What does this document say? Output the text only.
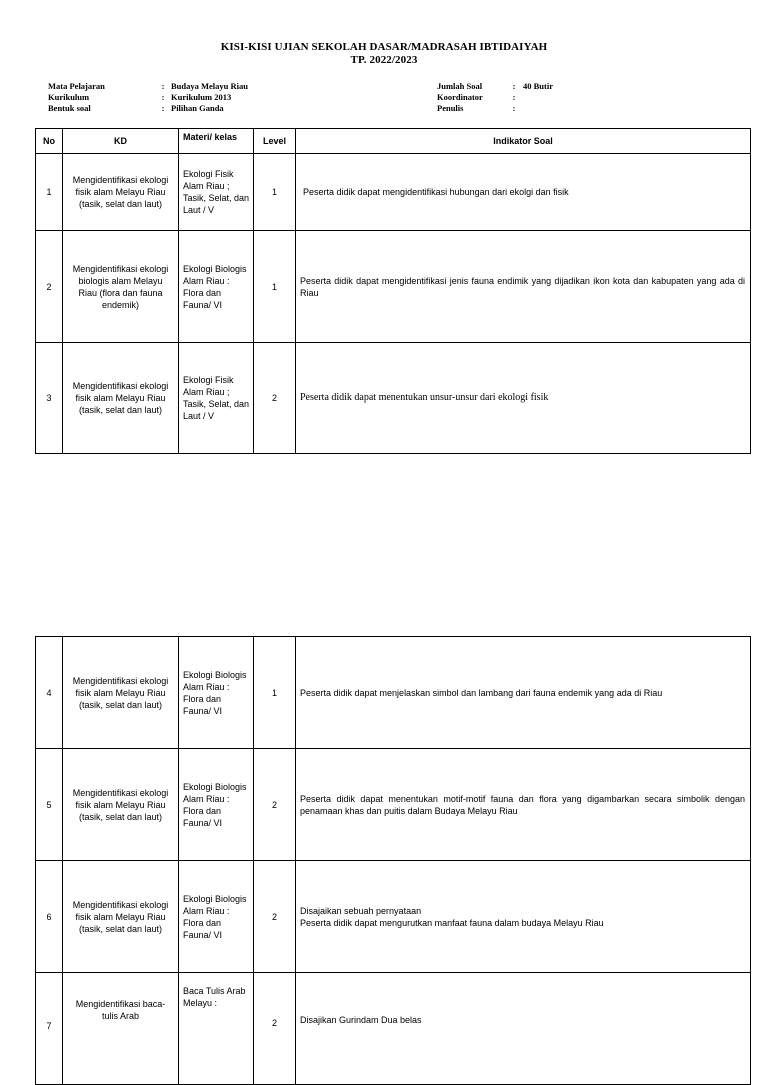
KISI-KISI UJIAN SEKOLAH DASAR/MADRASAH IBTIDAIYAH
TP. 2022/2023
Mata Pelajaran	: Budaya Melayu Riau
Kurikulum	: Kurikulum 2013
Bentuk soal	: Pilihan Ganda
Jumlah Soal	: 40 Butir
Koordinator	:
Penulis	:
No	KD	Materi/ kelas	Level	Indikator Soal
1	Mengidentifikasi ekologi fisik alam Melayu Riau (tasik, selat dan laut)	Ekologi Fisik Alam Riau ; Tasik, Selat, dan Laut / V	1	Peserta didik dapat mengidentifikasi hubungan dari ekolgi dan fisik

2	Mengidentifikasi ekologi biologis alam Melayu Riau (flora dan fauna endemik)	Ekologi Biologis Alam Riau : Flora dan Fauna/ VI	1	Peserta didik dapat mengidentifikasi jenis fauna endimik yang dijadikan ikon kota dan kabupaten yang ada di Riau

3	Mengidentifikasi ekologi fisik alam Melayu Riau (tasik, selat dan laut)	Ekologi Fisik Alam Riau ; Tasik, Selat, dan Laut / V	2	Peserta didik dapat menentukan unsur-unsur dari ekologi fisik
4	Mengidentifikasi ekologi fisik alam Melayu Riau (tasik, selat dan laut)	Ekologi Biologis Alam Riau : Flora dan Fauna/ VI	1	Peserta didik dapat menjelaskan simbol dan lambang dari fauna endemik yang ada di Riau

5	Mengidentifikasi ekologi fisik alam Melayu Riau (tasik, selat dan laut)	Ekologi Biologis Alam Riau : Flora dan Fauna/ VI	2	Peserta didik dapat menentukan motif-motif fauna dan flora yang digambarkan secara simbolik dengan penamaan khas dan puitis dalam Budaya Melayu Riau

6	Mengidentifikasi ekologi fisik alam Melayu Riau (tasik, selat dan laut)	Ekologi Biologis Alam Riau : Flora dan Fauna/ VI	2	Disajaikan sebuah pernyataan
Peserta didik dapat mengurutkan manfaat fauna dalam budaya Melayu Riau

7	Mengidentifikasi baca-tulis Arab	Baca Tulis Arab Melayu :	2	Disajikan Gurindam Dua belas
